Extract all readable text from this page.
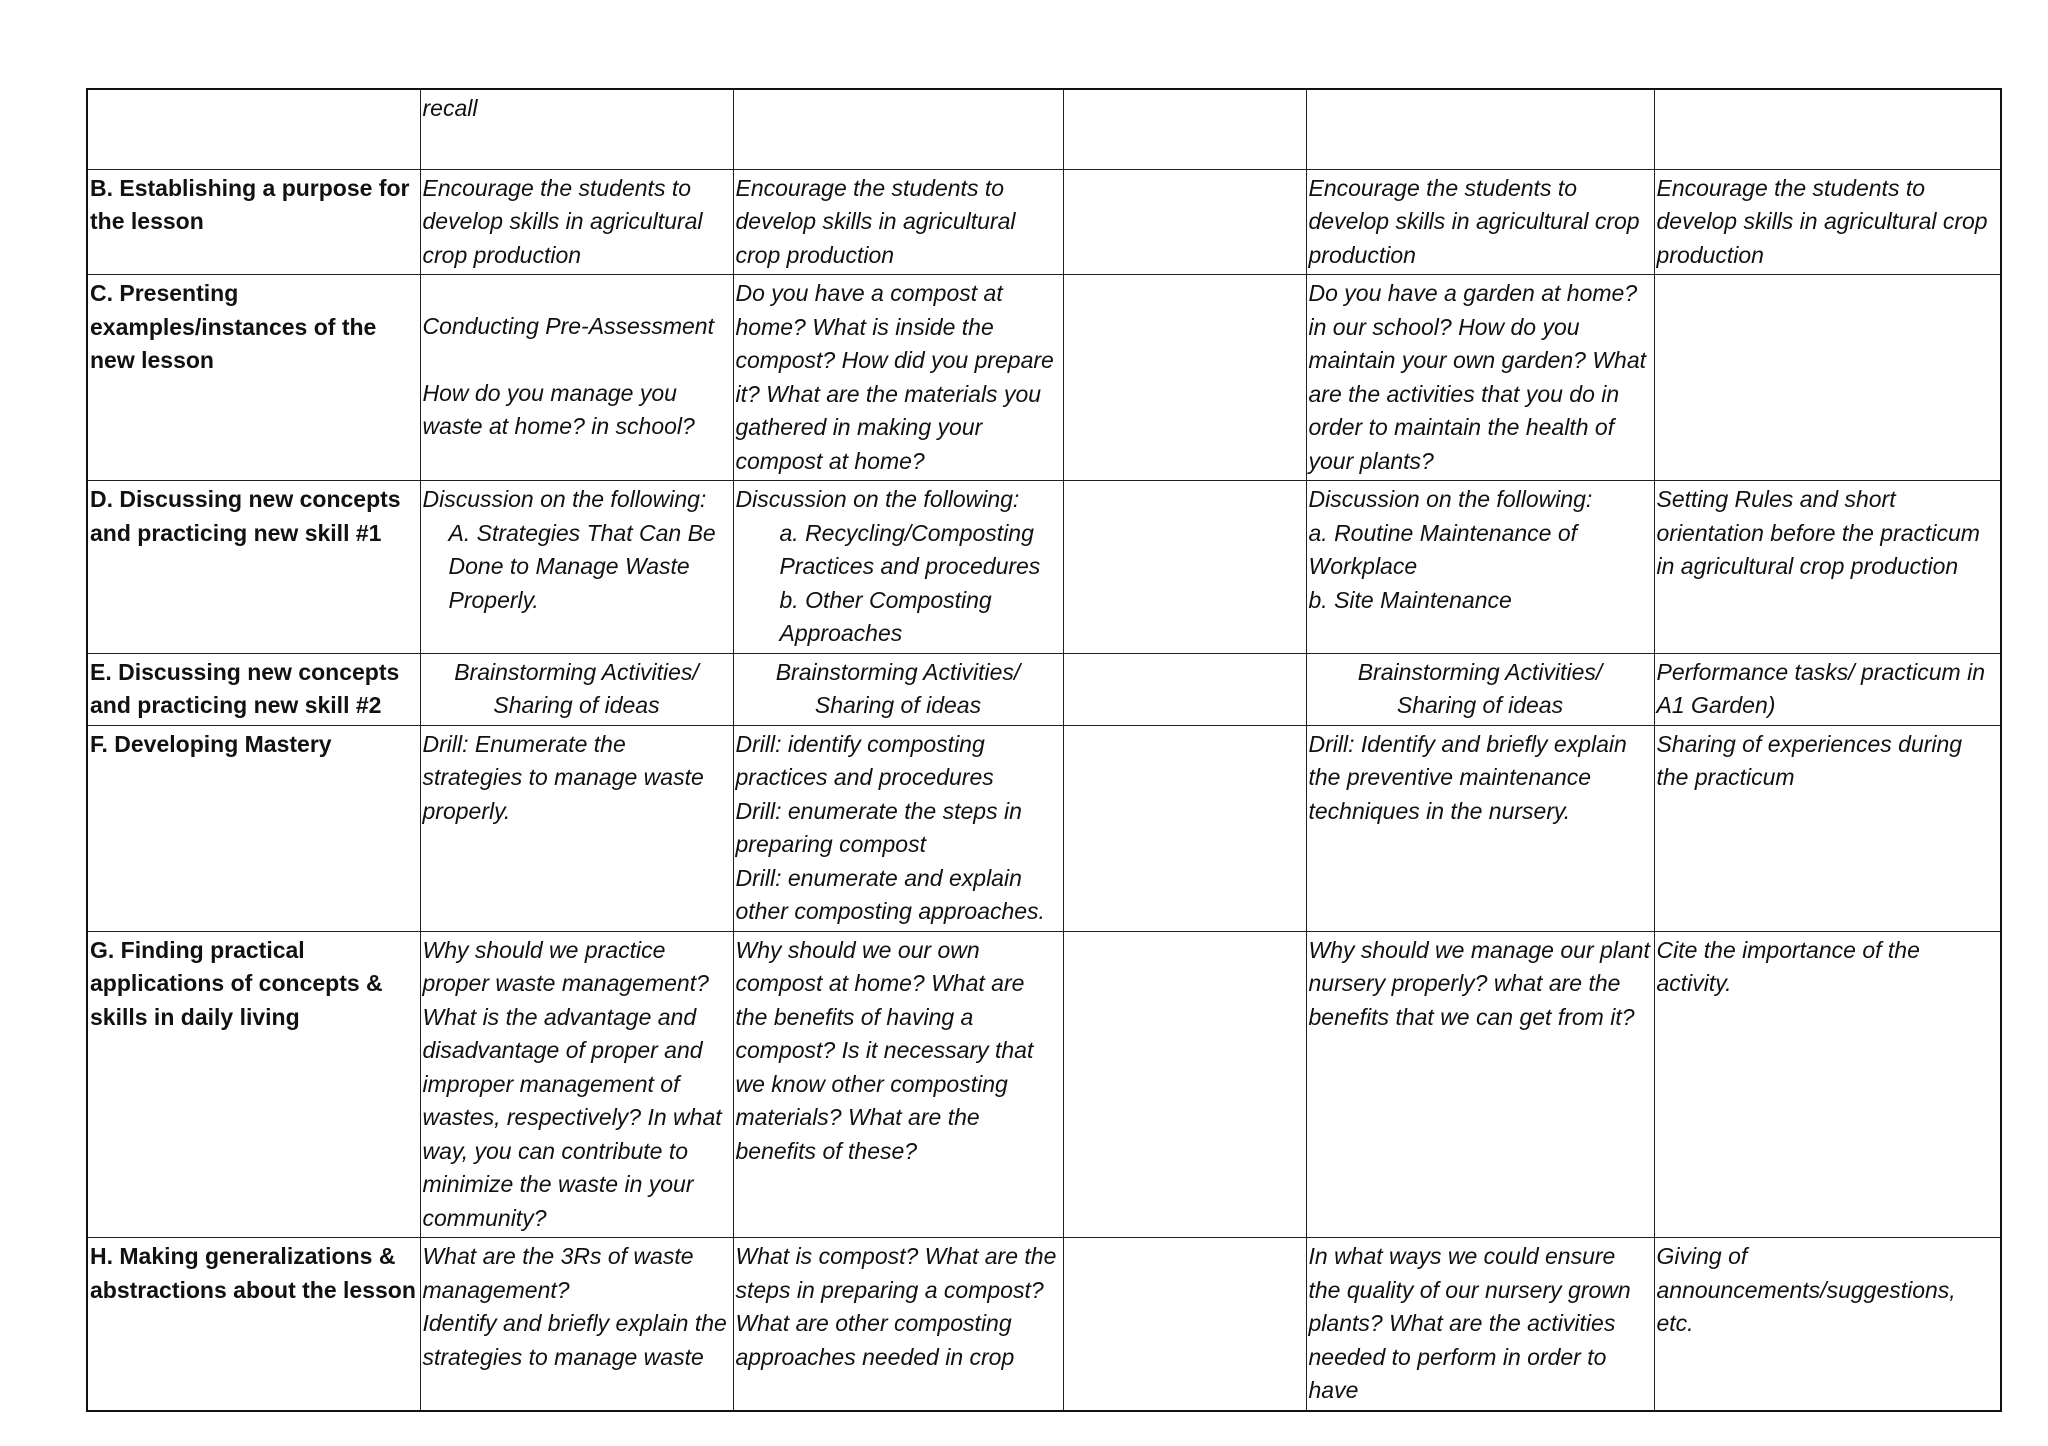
	recall				

B. Establishing a purpose for the lesson	Encourage the students to develop skills in agricultural crop production	Encourage the students to develop skills in agricultural crop production		Encourage the students to develop skills in agricultural crop production	Encourage the students to develop skills in agricultural crop production

C. Presenting examples/instances of the new lesson	Conducting Pre-Assessment
How do you manage you waste at home? in school?	Do you have a compost at home? What is inside the compost? How did you prepare it? What are the materials you gathered in making your compost at home?		Do you have a garden at home? in our school? How do you maintain your own garden? What are the activities that you do in order to maintain the health of your plants?	

D. Discussing new concepts and practicing new skill #1	Discussion on the following:
A. Strategies That Can Be Done to Manage Waste Properly.	Discussion on the following:
a. Recycling/Composting Practices and procedures
b. Other Composting Approaches		Discussion on the following:
a. Routine Maintenance of Workplace
b. Site Maintenance	Setting Rules and short orientation before the practicum in agricultural crop production

E. Discussing new concepts and practicing new skill #2	Brainstorming Activities/
Sharing of ideas	Brainstorming Activities/
Sharing of ideas		Brainstorming Activities/
Sharing of ideas	Performance tasks/ practicum in A1 Garden)

F. Developing Mastery	Drill: Enumerate the strategies to manage waste properly.	Drill: identify composting practices and procedures
Drill: enumerate the steps in preparing compost
Drill: enumerate and explain other composting approaches.		Drill: Identify and briefly explain the preventive maintenance techniques in the nursery.	Sharing of experiences during the practicum

G. Finding practical applications of concepts & skills in daily living	Why should we practice proper waste management?
What is the advantage and disadvantage of proper and improper management of wastes, respectively? In what way, you can contribute to minimize the waste in your community?	Why should we our own compost at home? What are the benefits of having a compost? Is it necessary that we know other composting materials? What are the benefits of these?		Why should we manage our plant nursery properly? what are the benefits that we can get from it?	Cite the importance of the activity.

H. Making generalizations & abstractions about the lesson	What are the 3Rs of waste management?
Identify and briefly explain the strategies to manage waste	What is compost? What are the steps in preparing a compost? What are other composting approaches needed in crop		In what ways we could ensure the quality of our nursery grown plants? What are the activities needed to perform in order to have	Giving of announcements/suggestions, etc.
